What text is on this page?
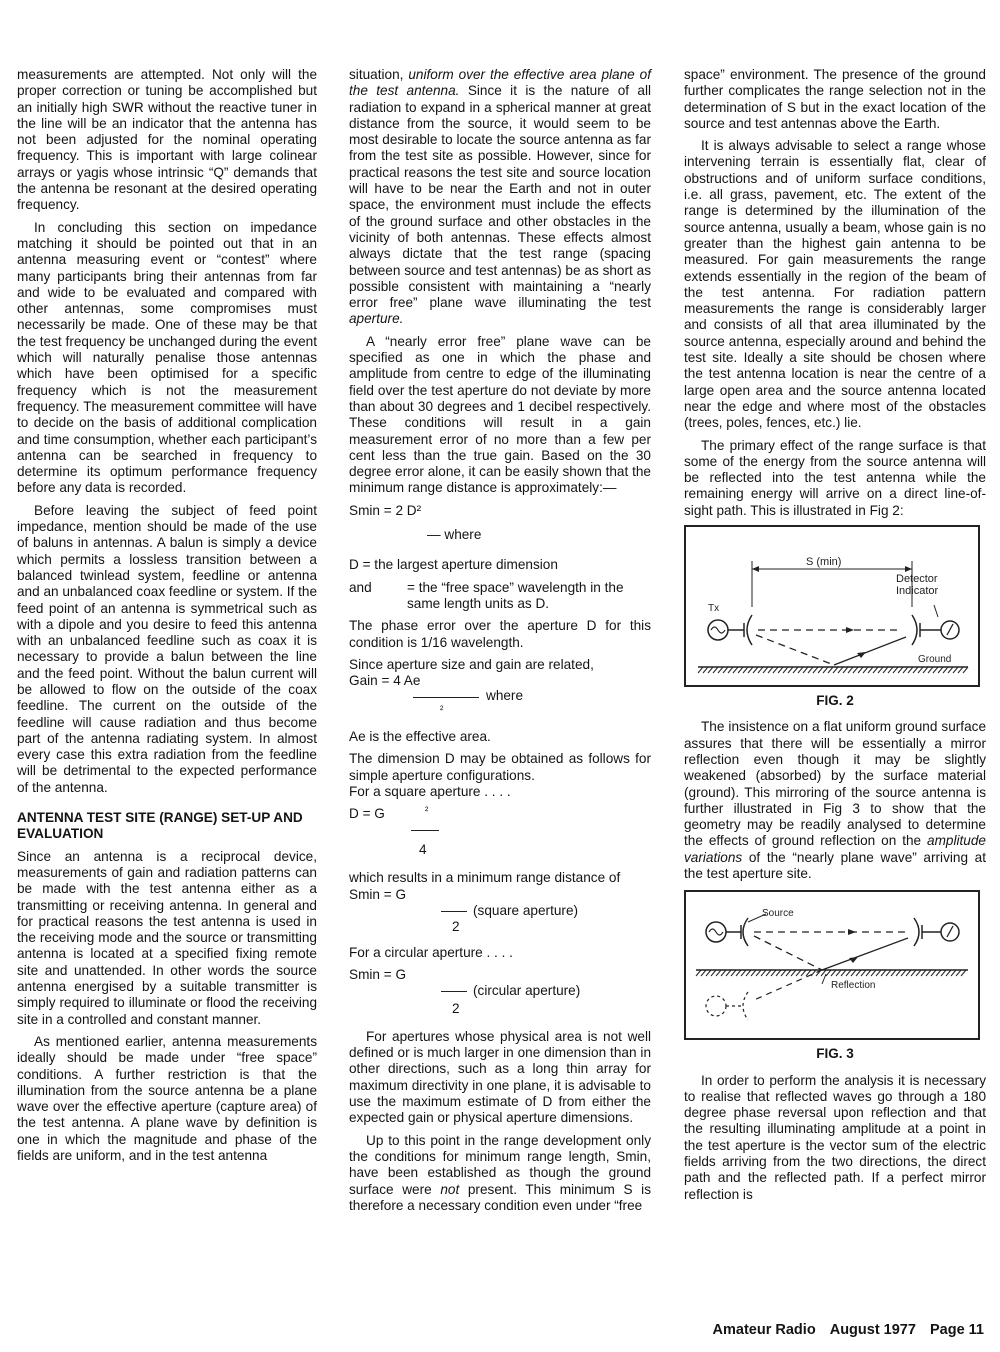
measurements are attempted. Not only will the proper correction or tuning be accomplished but an initially high SWR without the reactive tuner in the line will be an indicator that the antenna has not been adjusted for the nominal operating frequency. This is important with large colinear arrays or yagis whose intrinsic “Q” demands that the antenna be resonant at the desired operating frequency.

In concluding this section on impedance matching it should be pointed out that in an antenna measuring event or “contest” where many participants bring their antennas from far and wide to be evaluated and compared with other antennas, some compromises must necessarily be made. One of these may be that the test frequency be unchanged during the event which will naturally penalise those antennas which have been optimised for a specific frequency which is not the measurement frequency. The measurement committee will have to decide on the basis of additional complication and time consumption, whether each participant’s antenna can be searched in frequency to determine its optimum performance frequency before any data is recorded.

Before leaving the subject of feed point impedance, mention should be made of the use of baluns in antennas. A balun is simply a device which permits a lossless transition between a balanced twinlead system, feedline or antenna and an unbalanced coax feedline or system. If the feed point of an antenna is symmetrical such as with a dipole and you desire to feed this antenna with an unbalanced feedline such as coax it is necessary to provide a balun between the line and the feed point. Without the balun current will be allowed to flow on the outside of the coax feedline. The current on the outside of the feedline will cause radiation and thus become part of the antenna radiating system. In almost every case this extra radiation from the feedline will be detrimental to the expected performance of the antenna.

ANTENNA TEST SITE (RANGE) SET-UP AND EVALUATION

Since an antenna is a reciprocal device, measurements of gain and radiation patterns can be made with the test antenna either as a transmitting or receiving antenna. In general and for practical reasons the test antenna is used in the receiving mode and the source or transmitting antenna is located at a specified fixing remote site and unattended. In other words the source antenna energised by a suitable transmitter is simply required to illuminate or flood the receiving site in a controlled and constant manner.

As mentioned earlier, antenna measurements ideally should be made under “free space” conditions. A further restriction is that the illumination from the source antenna be a plane wave over the effective aperture (capture area) of the test antenna. A plane wave by definition is one in which the magnitude and phase of the fields are uniform, and in the test antenna

situation, uniform over the effective area plane of the test antenna. Since it is the nature of all radiation to expand in a spherical manner at great distance from the source, it would seem to be most desirable to locate the source antenna as far from the test site as possible. However, since for practical reasons the test site and source location will have to be near the Earth and not in outer space, the environment must include the effects of the ground surface and other obstacles in the vicinity of both antennas. These effects almost always dictate that the test range (spacing between source and test antennas) be as short as possible consistent with maintaining a “nearly error free” plane wave illuminating the test aperture.

A “nearly error free” plane wave can be specified as one in which the phase and amplitude from centre to edge of the illuminating field over the test aperture do not deviate by more than about 30 degrees and 1 decibel respectively. These conditions will result in a gain measurement error of no more than a few per cent less than the true gain. Based on the 30 degree error alone, it can be easily shown that the minimum range distance is approximately:—

Smin = 2 D²
— where
D = the largest aperture dimension
and	= the “free space” wavelength in the same length units as D.

The phase error over the aperture D for this condition is 1/16 wavelength.

Since aperture size and gain are related,

Gain = 4 Ae
where
²

Ae is the effective area.

The dimension D may be obtained as follows for simple aperture configurations.

For a square aperture . . . .

D = G	²
4

which results in a minimum range distance of

Smin = G
(square aperture)
2

For a circular aperture . . . .

Smin = G
(circular aperture)
2

For apertures whose physical area is not well defined or is much larger in one dimension than in other directions, such as a long thin array for maximum directivity in one plane, it is advisable to use the maximum estimate of D from either the expected gain or physical aperture dimensions.

Up to this point in the range development only the conditions for minimum range length, Smin, have been established as though the ground surface were not present. This minimum S is therefore a necessary condition even under “free

space” environment. The presence of the ground further complicates the range selection not in the determination of S but in the exact location of the source and test antennas above the Earth.

It is always advisable to select a range whose intervening terrain is essentially flat, clear of obstructions and of uniform surface conditions, i.e. all grass, pavement, etc. The extent of the range is determined by the illumination of the source antenna, usually a beam, whose gain is no greater than the highest gain antenna to be measured. For gain measurements the range extends essentially in the region of the beam of the test antenna. For radiation pattern measurements the range is considerably larger and consists of all that area illuminated by the source antenna, especially around and behind the test site. Ideally a site should be chosen where the test antenna location is near the centre of a large open area and the source antenna located near the edge and where most of the obstacles (trees, poles, fences, etc.) lie.

The primary effect of the range surface is that some of the energy from the source antenna will be reflected into the test antenna while the remaining energy will arrive on a direct line-of-sight path. This is illustrated in Fig 2:

S (min)
Detector
Indicator
Tx
Ground
FIG. 2

The insistence on a flat uniform ground surface assures that there will be essentially a mirror reflection even though it may be slightly weakened (absorbed) by the surface material (ground). This mirroring of the source antenna is further illustrated in Fig 3 to show that the geometry may be readily analysed to determine the effects of ground reflection on the amplitude variations of the “nearly plane wave” arriving at the test aperture site.

Source
Reflection
FIG. 3

In order to perform the analysis it is necessary to realise that reflected waves go through a 180 degree phase reversal upon reflection and that the resulting illuminating amplitude at a point in the test aperture is the vector sum of the electric fields arriving from the two directions, the direct path and the reflected path. If a perfect mirror reflection is

Amateur Radio August 1977 Page 11
